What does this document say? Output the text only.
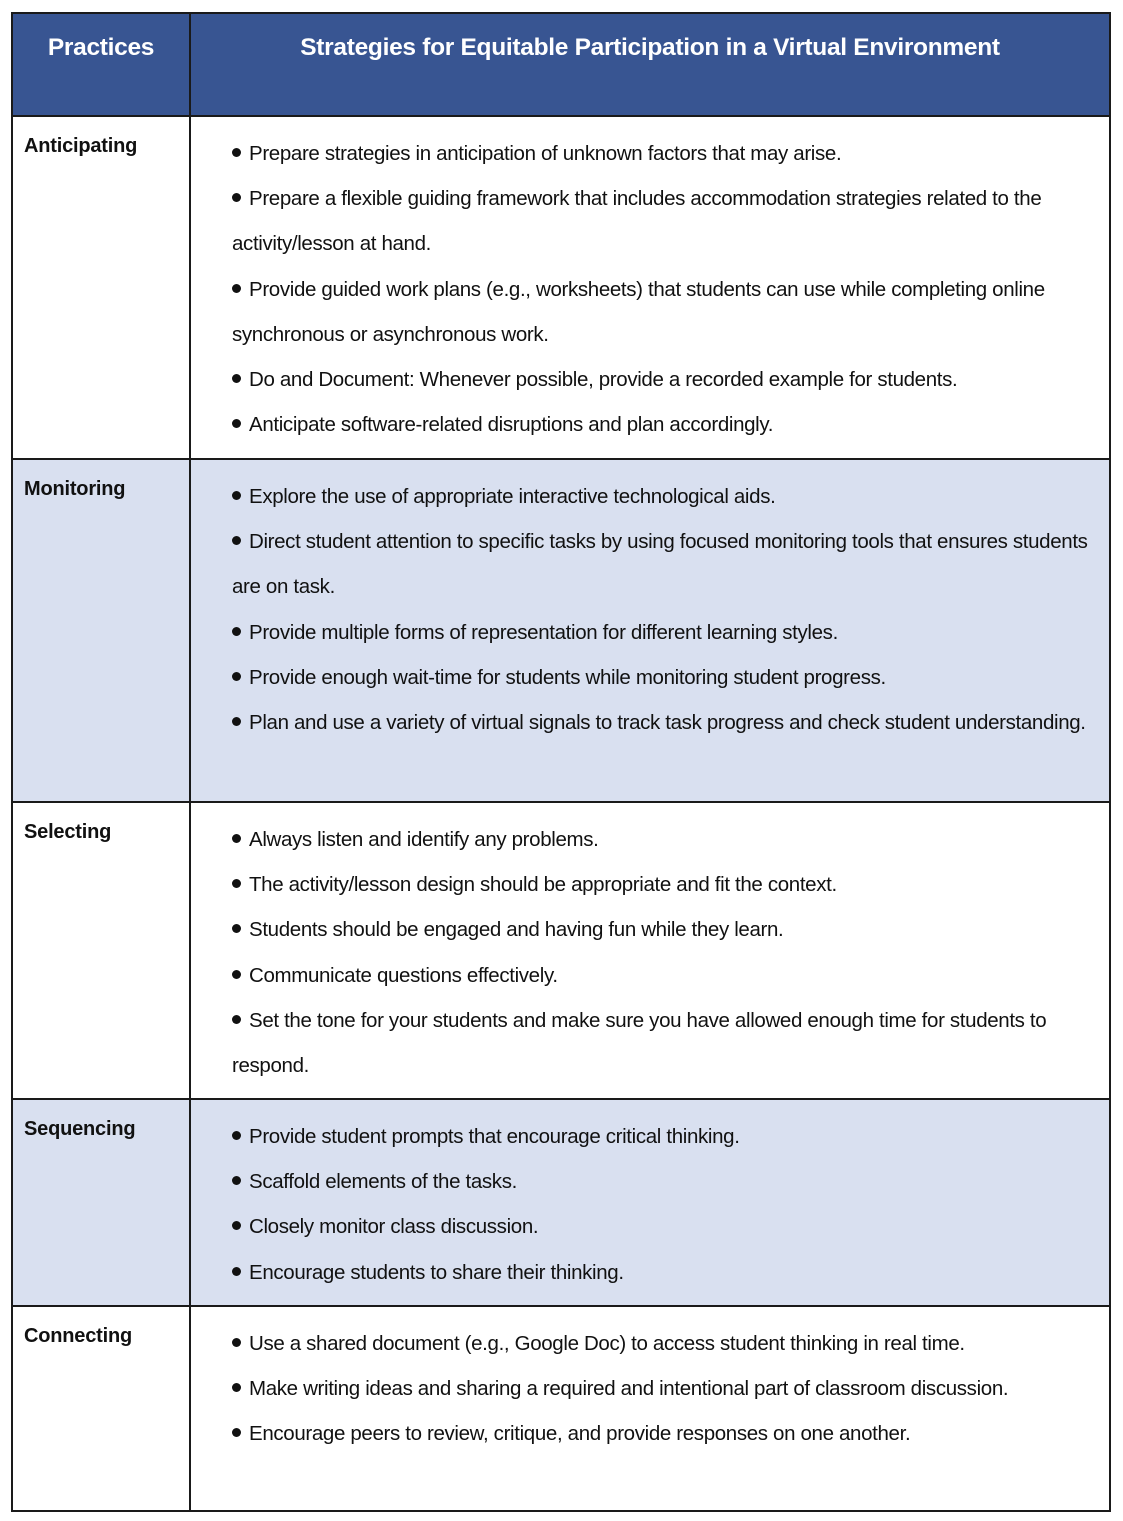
Practices	Strategies for Equitable Participation in a Virtual Environment
Anticipating	Prepare strategies in anticipation of unknown factors that may arise.

Prepare a flexible guiding framework that includes accommodation strategies related to the activity/lesson at hand.

Provide guided work plans (e.g., worksheets) that students can use while completing online synchronous or asynchronous work.

Do and Document: Whenever possible, provide a recorded example for students.

Anticipate software-related disruptions and plan accordingly.

Monitoring	Explore the use of appropriate interactive technological aids.

Direct student attention to specific tasks by using focused monitoring tools that ensures students are on task.

Provide multiple forms of representation for different learning styles.

Provide enough wait-time for students while monitoring student progress.

Plan and use a variety of virtual signals to track task progress and check student understanding.

Selecting	Always listen and identify any problems.

The activity/lesson design should be appropriate and fit the context.

Students should be engaged and having fun while they learn.

Communicate questions effectively.

Set the tone for your students and make sure you have allowed enough time for students to respond.

Sequencing	Provide student prompts that encourage critical thinking.

Scaffold elements of the tasks.

Closely monitor class discussion.

Encourage students to share their thinking.

Connecting	Use a shared document (e.g., Google Doc) to access student thinking in real time.

Make writing ideas and sharing a required and intentional part of classroom discussion.

Encourage peers to review, critique, and provide responses on one another.
